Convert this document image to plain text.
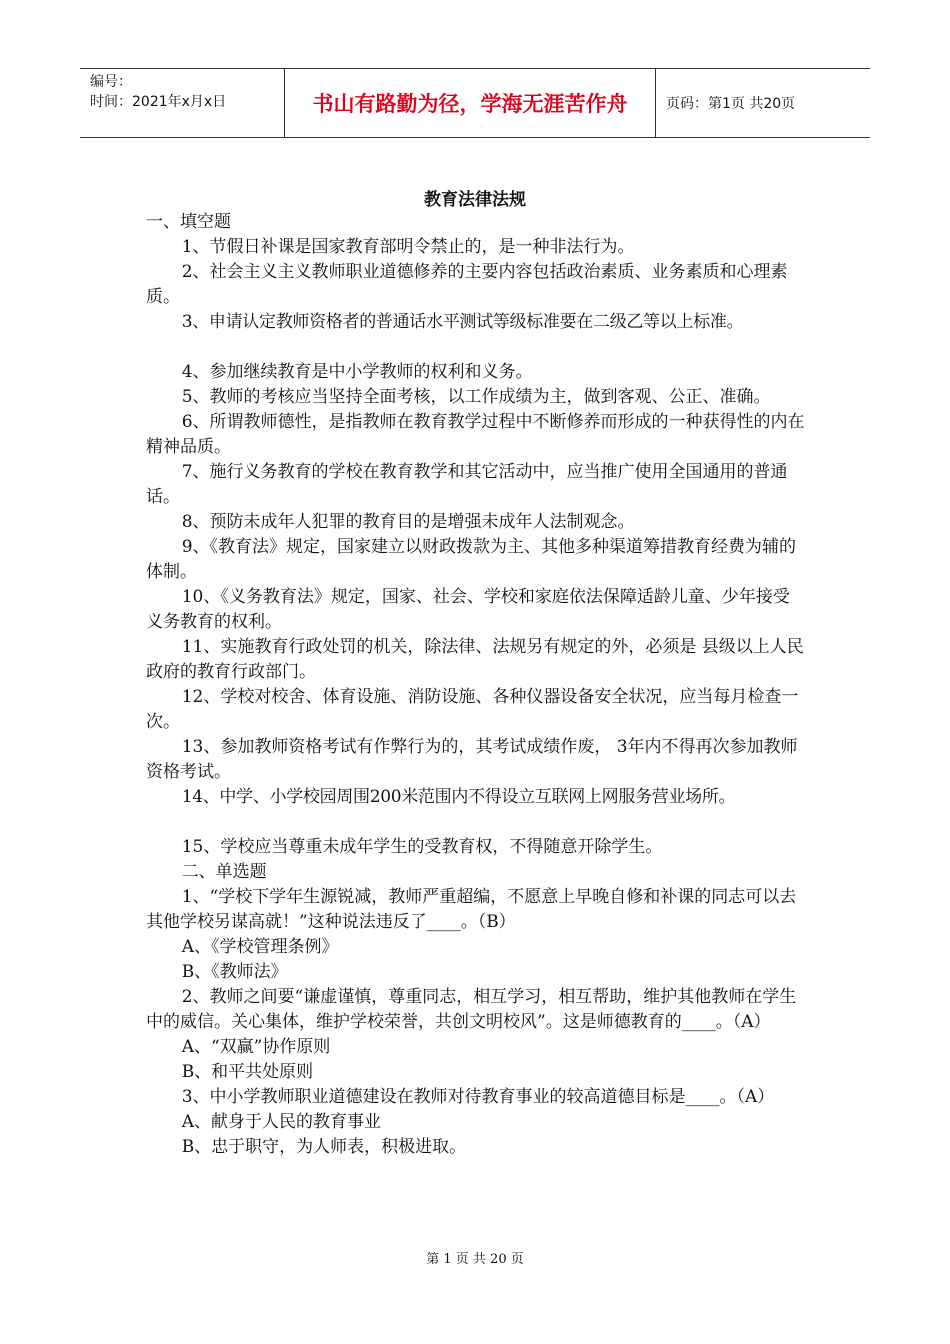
编号：
时间：2021年x月x日	书山有路勤为径，学海无涯苦作舟	页码：第1页 共20页
教育法律法规

一、填空题

1、节假日补课是国家教育部明令禁止的，是一种非法行为。

2、社会主义主义教师职业道德修养的主要内容包括政治素质、业务素质和心理素质。

3、申请认定教师资格者的普通话水平测试等级标准要在二级乙等以上标准。

4、参加继续教育是中小学教师的权利和义务。

5、教师的考核应当坚持全面考核，以工作成绩为主，做到客观、公正、准确。

6、所谓教师德性，是指教师在教育教学过程中不断修养而形成的一种获得性的内在精神品质。

7、施行义务教育的学校在教育教学和其它活动中，应当推广使用全国通用的普通话。

8、预防未成年人犯罪的教育目的是增强未成年人法制观念。

9、《教育法》规定，国家建立以财政拨款为主、其他多种渠道筹措教育经费为辅的体制。

10、《义务教育法》规定，国家、社会、学校和家庭依法保障适龄儿童、少年接受义务教育的权利。

11、实施教育行政处罚的机关，除法律、法规另有规定的外，必须是 县级以上人民政府的教育行政部门。

12、学校对校舍、体育设施、消防设施、各种仪器设备安全状况，应当每月检查一次。

13、参加教师资格考试有作弊行为的，其考试成绩作废， 3年内不得再次参加教师资格考试。

14、中学、小学校园周围200米范围内不得设立互联网上网服务营业场所。

15、学校应当尊重未成年学生的受教育权，不得随意开除学生。

二、单选题

1、“学校下学年生源锐减，教师严重超编，不愿意上早晚自修和补课的同志可以去其他学校另谋高就！”这种说法违反了____。（B）

A、《学校管理条例》

B、《教师法》

2、教师之间要“谦虚谨慎，尊重同志，相互学习，相互帮助，维护其他教师在学生中的威信。关心集体，维护学校荣誉，共创文明校风”。这是师德教育的____。（A）

A、“双赢”协作原则

B、和平共处原则

3、中小学教师职业道德建设在教师对待教育事业的较高道德目标是____。（A）

A、献身于人民的教育事业

B、忠于职守，为人师表，积极进取。

第 1 页 共 20 页
